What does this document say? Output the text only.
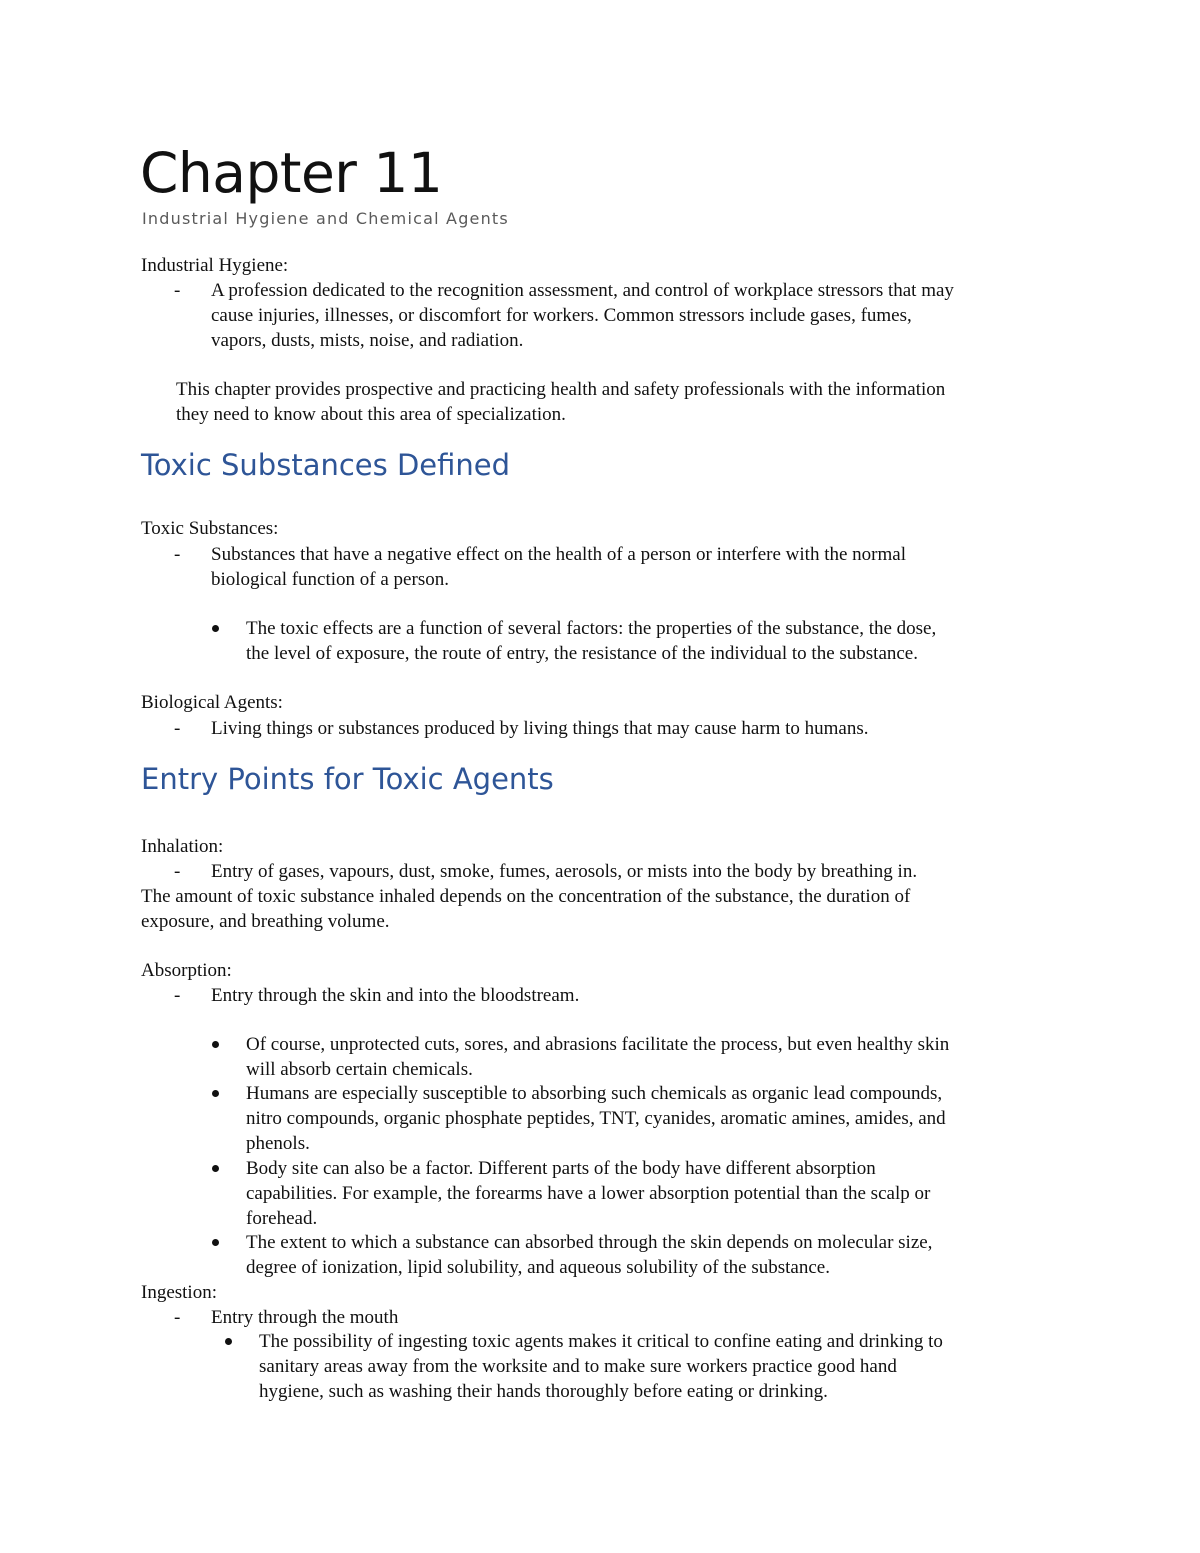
Chapter 11
Industrial Hygiene and Chemical Agents
Industrial Hygiene:
- A profession dedicated to the recognition assessment, and control of workplace stressors that may
cause injuries, illnesses, or discomfort for workers. Common stressors include gases, fumes,
vapors, dusts, mists, noise, and radiation.
This chapter provides prospective and practicing health and safety professionals with the information
they need to know about this area of specialization.
Toxic Substances Defined
Toxic Substances:
- Substances that have a negative effect on the health of a person or interfere with the normal
biological function of a person.
The toxic effects are a function of several factors: the properties of the substance, the dose,
the level of exposure, the route of entry, the resistance of the individual to the substance.
Biological Agents:
- Living things or substances produced by living things that may cause harm to humans.
Entry Points for Toxic Agents
Inhalation:
- Entry of gases, vapours, dust, smoke, fumes, aerosols, or mists into the body by breathing in.
The amount of toxic substance inhaled depends on the concentration of the substance, the duration of
exposure, and breathing volume.
Absorption:
- Entry through the skin and into the bloodstream.
Of course, unprotected cuts, sores, and abrasions facilitate the process, but even healthy skin
will absorb certain chemicals.
Humans are especially susceptible to absorbing such chemicals as organic lead compounds,
nitro compounds, organic phosphate peptides, TNT, cyanides, aromatic amines, amides, and
phenols.
Body site can also be a factor. Different parts of the body have different absorption
capabilities. For example, the forearms have a lower absorption potential than the scalp or
forehead.
The extent to which a substance can absorbed through the skin depends on molecular size,
degree of ionization, lipid solubility, and aqueous solubility of the substance.
Ingestion:
- Entry through the mouth
The possibility of ingesting toxic agents makes it critical to confine eating and drinking to
sanitary areas away from the worksite and to make sure workers practice good hand
hygiene, such as washing their hands thoroughly before eating or drinking.
